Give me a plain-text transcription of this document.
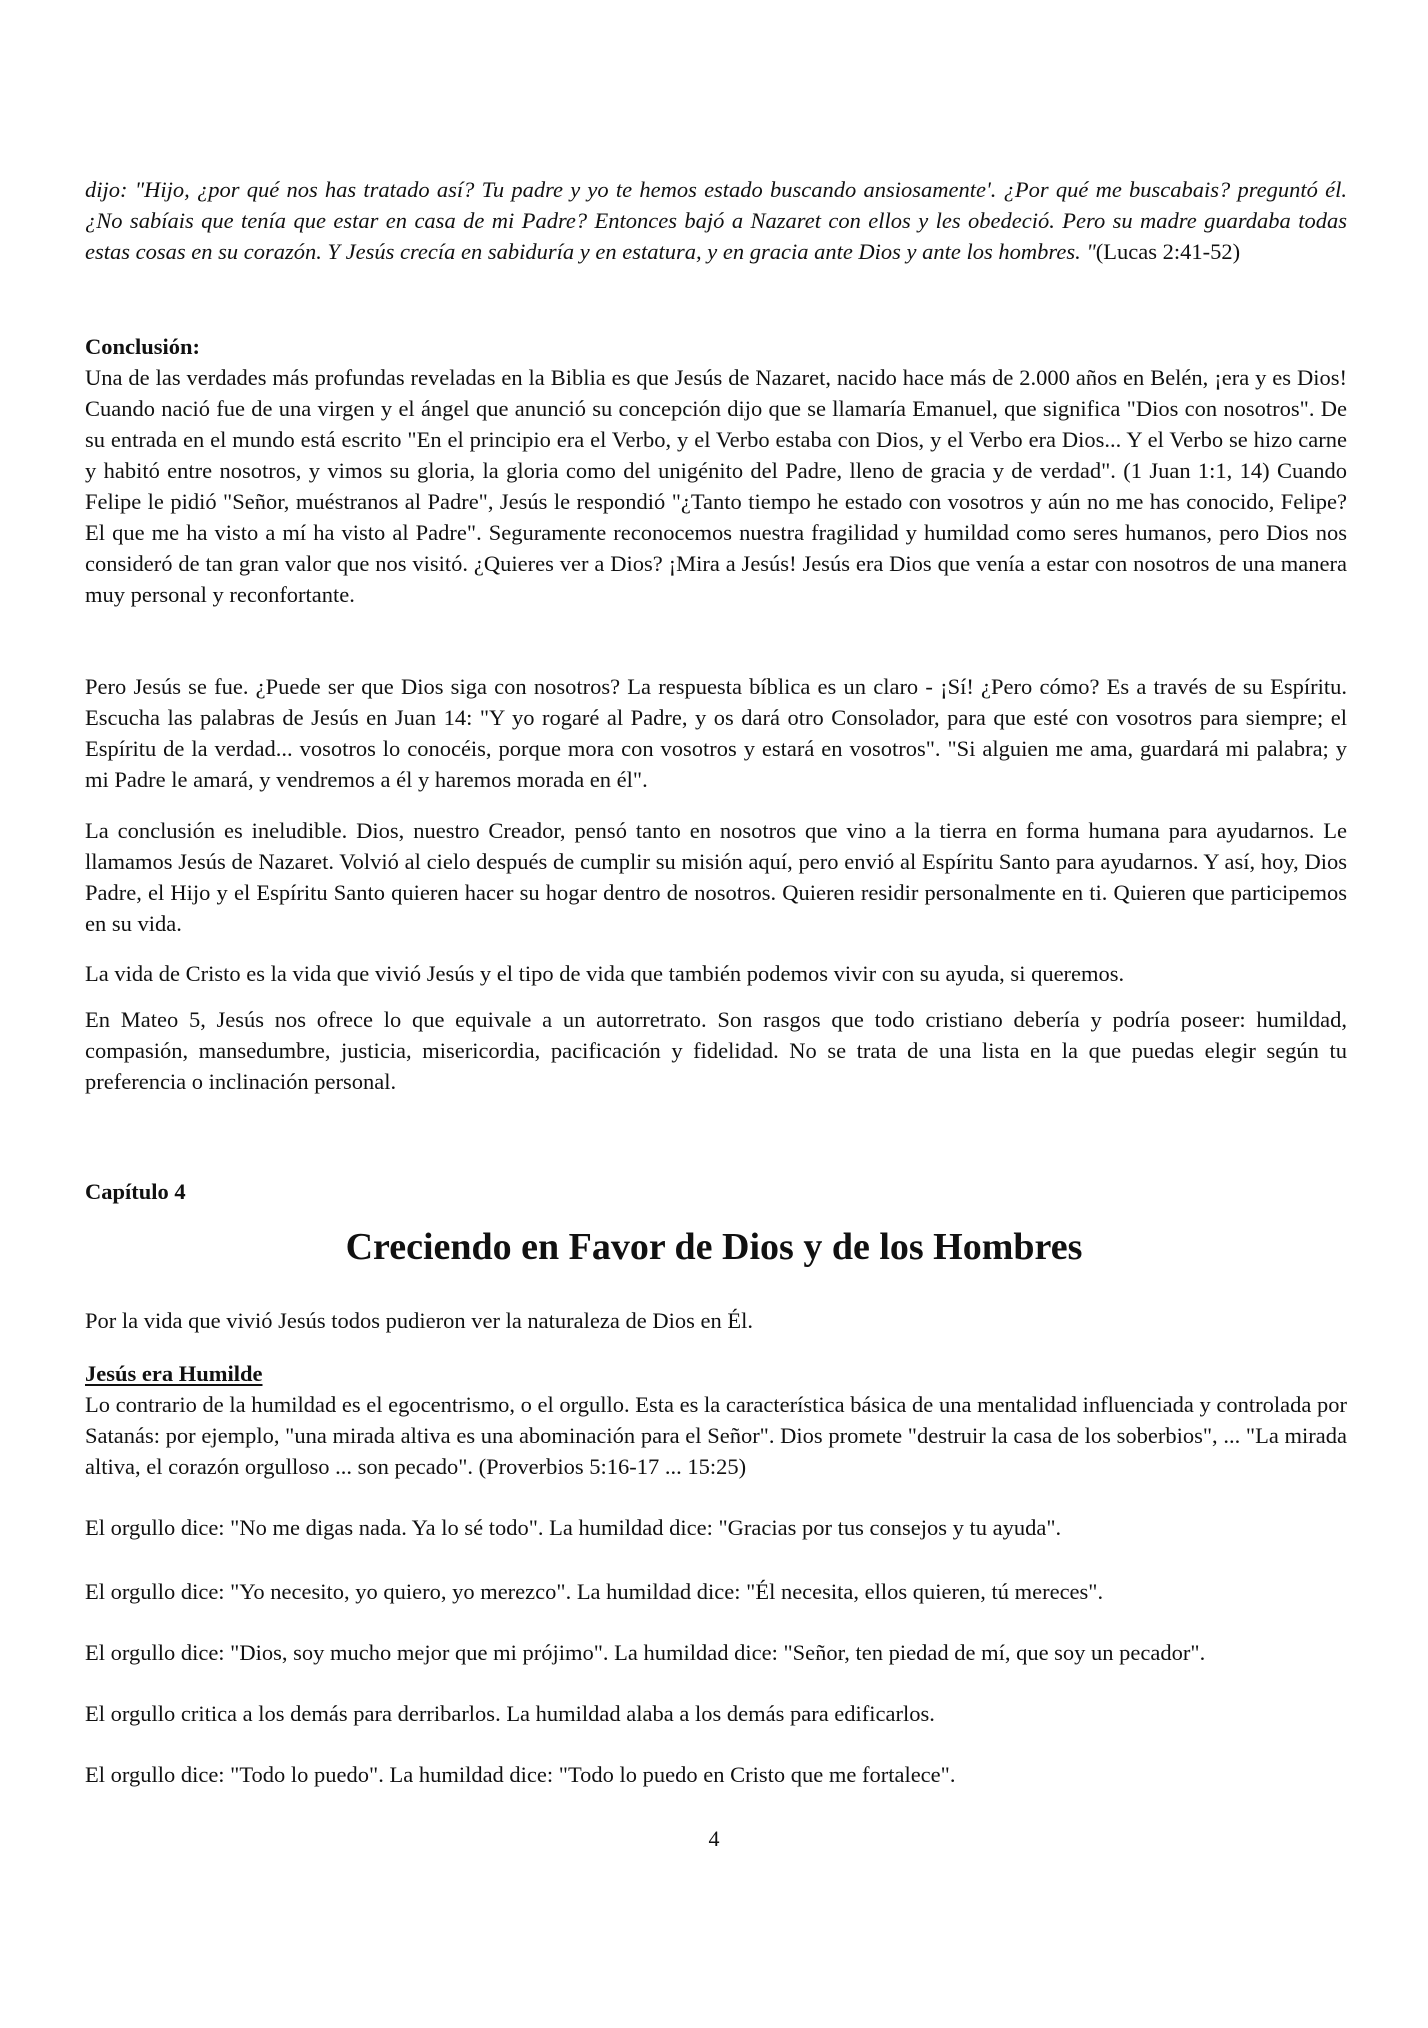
dijo: "Hijo, ¿por qué nos has tratado así? Tu padre y yo te hemos estado buscando ansiosamente'. ¿Por qué me buscabais? preguntó él. ¿No sabíais que tenía que estar en casa de mi Padre? Entonces bajó a Nazaret con ellos y les obedeció. Pero su madre guardaba todas estas cosas en su corazón. Y Jesús crecía en sabiduría y en estatura, y en gracia ante Dios y ante los hombres. "(Lucas 2:41-52)

Conclusión:

Una de las verdades más profundas reveladas en la Biblia es que Jesús de Nazaret, nacido hace más de 2.000 años en Belén, ¡era y es Dios! Cuando nació fue de una virgen y el ángel que anunció su concepción dijo que se llamaría Emanuel, que significa "Dios con nosotros". De su entrada en el mundo está escrito "En el principio era el Verbo, y el Verbo estaba con Dios, y el Verbo era Dios... Y el Verbo se hizo carne y habitó entre nosotros, y vimos su gloria, la gloria como del unigénito del Padre, lleno de gracia y de verdad". (1 Juan 1:1, 14) Cuando Felipe le pidió "Señor, muéstranos al Padre", Jesús le respondió "¿Tanto tiempo he estado con vosotros y aún no me has conocido, Felipe? El que me ha visto a mí ha visto al Padre". Seguramente reconocemos nuestra fragilidad y humildad como seres humanos, pero Dios nos consideró de tan gran valor que nos visitó. ¿Quieres ver a Dios? ¡Mira a Jesús! Jesús era Dios que venía a estar con nosotros de una manera muy personal y reconfortante.

Pero Jesús se fue. ¿Puede ser que Dios siga con nosotros? La respuesta bíblica es un claro - ¡Sí! ¿Pero cómo? Es a través de su Espíritu. Escucha las palabras de Jesús en Juan 14: "Y yo rogaré al Padre, y os dará otro Consolador, para que esté con vosotros para siempre; el Espíritu de la verdad... vosotros lo conocéis, porque mora con vosotros y estará en vosotros". "Si alguien me ama, guardará mi palabra; y mi Padre le amará, y vendremos a él y haremos morada en él".

La conclusión es ineludible. Dios, nuestro Creador, pensó tanto en nosotros que vino a la tierra en forma humana para ayudarnos. Le llamamos Jesús de Nazaret. Volvió al cielo después de cumplir su misión aquí, pero envió al Espíritu Santo para ayudarnos. Y así, hoy, Dios Padre, el Hijo y el Espíritu Santo quieren hacer su hogar dentro de nosotros. Quieren residir personalmente en ti. Quieren que participemos en su vida.

La vida de Cristo es la vida que vivió Jesús y el tipo de vida que también podemos vivir con su ayuda, si queremos.

En Mateo 5, Jesús nos ofrece lo que equivale a un autorretrato. Son rasgos que todo cristiano debería y podría poseer: humildad, compasión, mansedumbre, justicia, misericordia, pacificación y fidelidad. No se trata de una lista en la que puedas elegir según tu preferencia o inclinación personal.

Capítulo 4
Creciendo en Favor de Dios y de los Hombres
Por la vida que vivió Jesús todos pudieron ver la naturaleza de Dios en Él.
Jesús era Humilde

Lo contrario de la humildad es el egocentrismo, o el orgullo. Esta es la característica básica de una mentalidad influenciada y controlada por Satanás: por ejemplo, "una mirada altiva es una abominación para el Señor". Dios promete "destruir la casa de los soberbios", ... "La mirada altiva, el corazón orgulloso ... son pecado". (Proverbios 5:16-17 ... 15:25)

El orgullo dice: "No me digas nada. Ya lo sé todo". La humildad dice: "Gracias por tus consejos y tu ayuda".
El orgullo dice: "Yo necesito, yo quiero, yo merezco". La humildad dice: "Él necesita, ellos quieren, tú mereces".
El orgullo dice: "Dios, soy mucho mejor que mi prójimo". La humildad dice: "Señor, ten piedad de mí, que soy un pecador".
El orgullo critica a los demás para derribarlos. La humildad alaba a los demás para edificarlos.
El orgullo dice: "Todo lo puedo". La humildad dice: "Todo lo puedo en Cristo que me fortalece".
4
